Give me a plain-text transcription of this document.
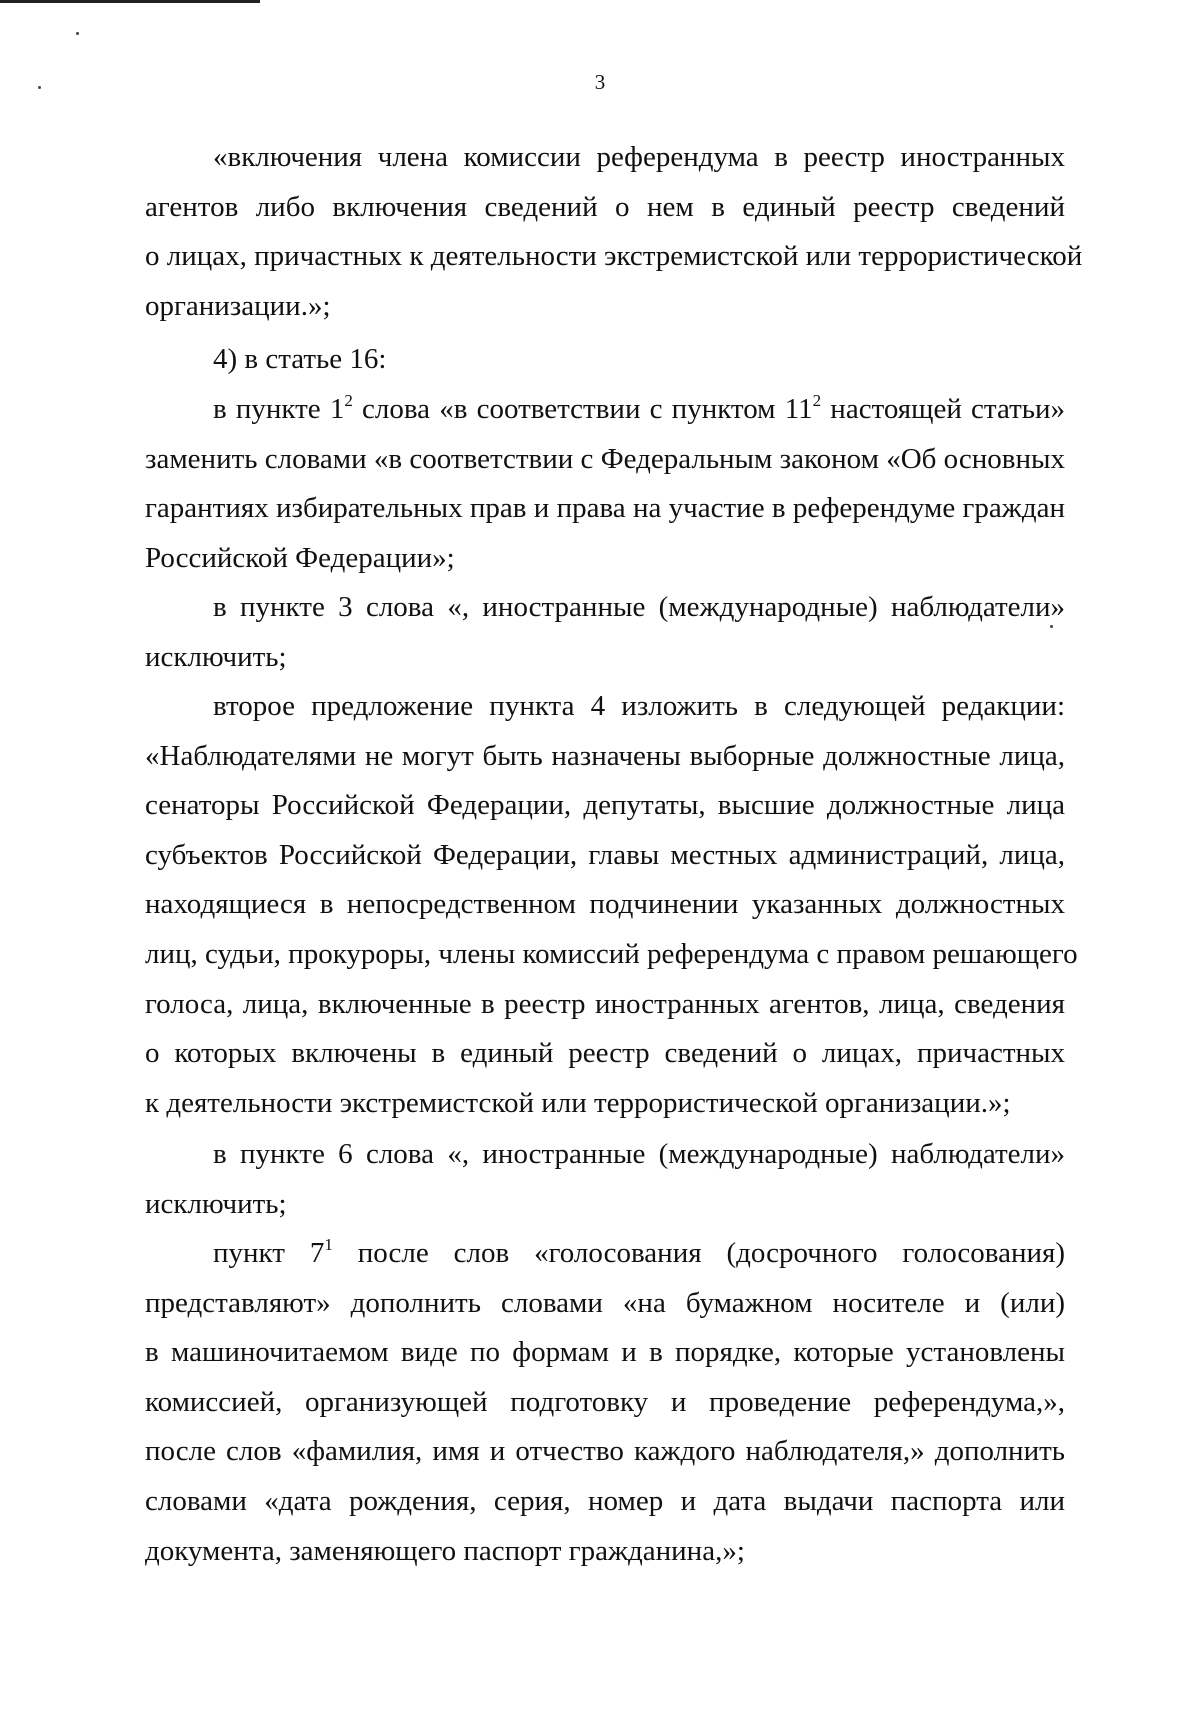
3
«включения члена комиссии референдума в реестр иностранных
агентов либо включения сведений о нем в единый реестр сведений
о лицах, причастных к деятельности экстремистской или террористической
организации.»;
4) в статье 16:
в пункте $1^2$ слова «в соответствии с пунктом $11^2$ настоящей статьи»
заменить словами «в соответствии с Федеральным законом «Об основных
гарантиях избирательных прав и права на участие в референдуме граждан
Российской Федерации»;
в пункте 3 слова «, иностранные (международные) наблюдатели»
исключить;
второе предложение пункта 4 изложить в следующей редакции:
«Наблюдателями не могут быть назначены выборные должностные лица,
сенаторы Российской Федерации, депутаты, высшие должностные лица
субъектов Российской Федерации, главы местных администраций, лица,
находящиеся в непосредственном подчинении указанных должностных
лиц, судьи, прокуроры, члены комиссий референдума с правом решающего
голоса, лица, включенные в реестр иностранных агентов, лица, сведения
о которых включены в единый реестр сведений о лицах, причастных
к деятельности экстремистской или террористической организации.»;
в пункте 6 слова «, иностранные (международные) наблюдатели»
исключить;
пункт $7^1$ после слов «голосования (досрочного голосования)
представляют» дополнить словами «на бумажном носителе и (или)
в машиночитаемом виде по формам и в порядке, которые установлены
комиссией, организующей подготовку и проведение референдума,»,
после слов «фамилия, имя и отчество каждого наблюдателя,» дополнить
словами «дата рождения, серия, номер и дата выдачи паспорта или
документа, заменяющего паспорт гражданина,»;
